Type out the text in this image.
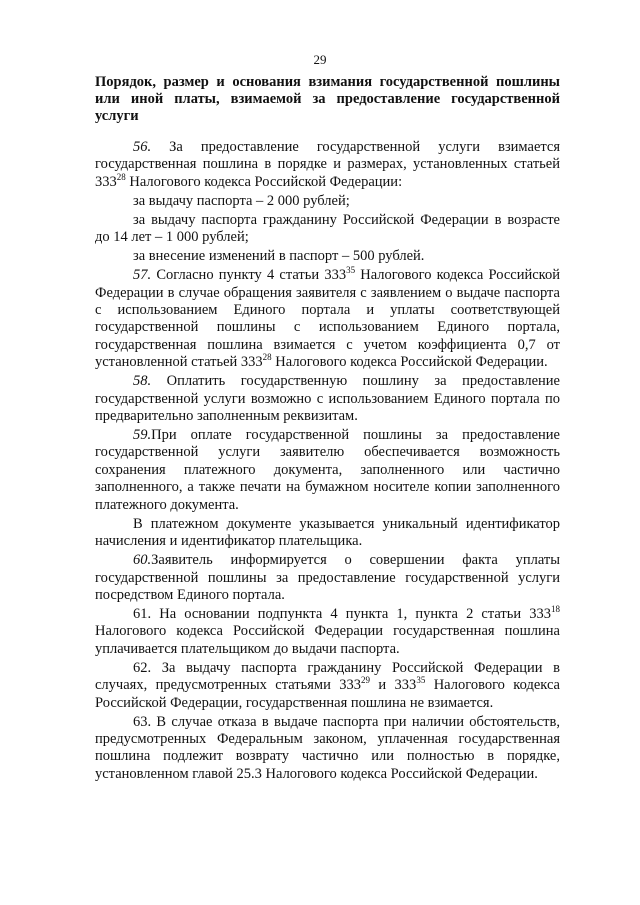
29
Порядок, размер и основания взимания государственной пошлины или иной платы, взимаемой за предоставление государственной услуги

56. За предоставление государственной услуги взимается государственная пошлина в порядке и размерах, установленных статьей $333^{28}$ Налогового кодекса Российской Федерации:

за выдачу паспорта – 2 000 рублей;

за выдачу паспорта гражданину Российской Федерации в возрасте до 14 лет – 1 000 рублей;

за внесение изменений в паспорт – 500 рублей.

57. Согласно пункту 4 статьи $333^{35}$ Налогового кодекса Российской Федерации в случае обращения заявителя с заявлением о выдаче паспорта с использованием Единого портала и уплаты соответствующей государственной пошлины с использованием Единого портала, государственная пошлина взимается с учетом коэффициента 0,7 от установленной статьей $333^{28}$ Налогового кодекса Российской Федерации.

58. Оплатить государственную пошлину за предоставление государственной услуги возможно с использованием Единого портала по предварительно заполненным реквизитам.

59.При оплате государственной пошлины за предоставление государственной услуги заявителю обеспечивается возможность сохранения платежного документа, заполненного или частично заполненного, а также печати на бумажном носителе копии заполненного платежного документа.

В платежном документе указывается уникальный идентификатор начисления и идентификатор плательщика.

60.Заявитель информируется о совершении факта уплаты государственной пошлины за предоставление государственной услуги посредством Единого портала.

61. На основании подпункта 4 пункта 1, пункта 2 статьи $333^{18}$ Налогового кодекса Российской Федерации государственная пошлина уплачивается плательщиком до выдачи паспорта.

62. За выдачу паспорта гражданину Российской Федерации в случаях, предусмотренных статьями $333^{29}$ и $333^{35}$ Налогового кодекса Российской Федерации, государственная пошлина не взимается.

63. В случае отказа в выдаче паспорта при наличии обстоятельств, предусмотренных Федеральным законом, уплаченная государственная пошлина подлежит возврату частично или полностью в порядке, установленном главой 25.3 Налогового кодекса Российской Федерации.
